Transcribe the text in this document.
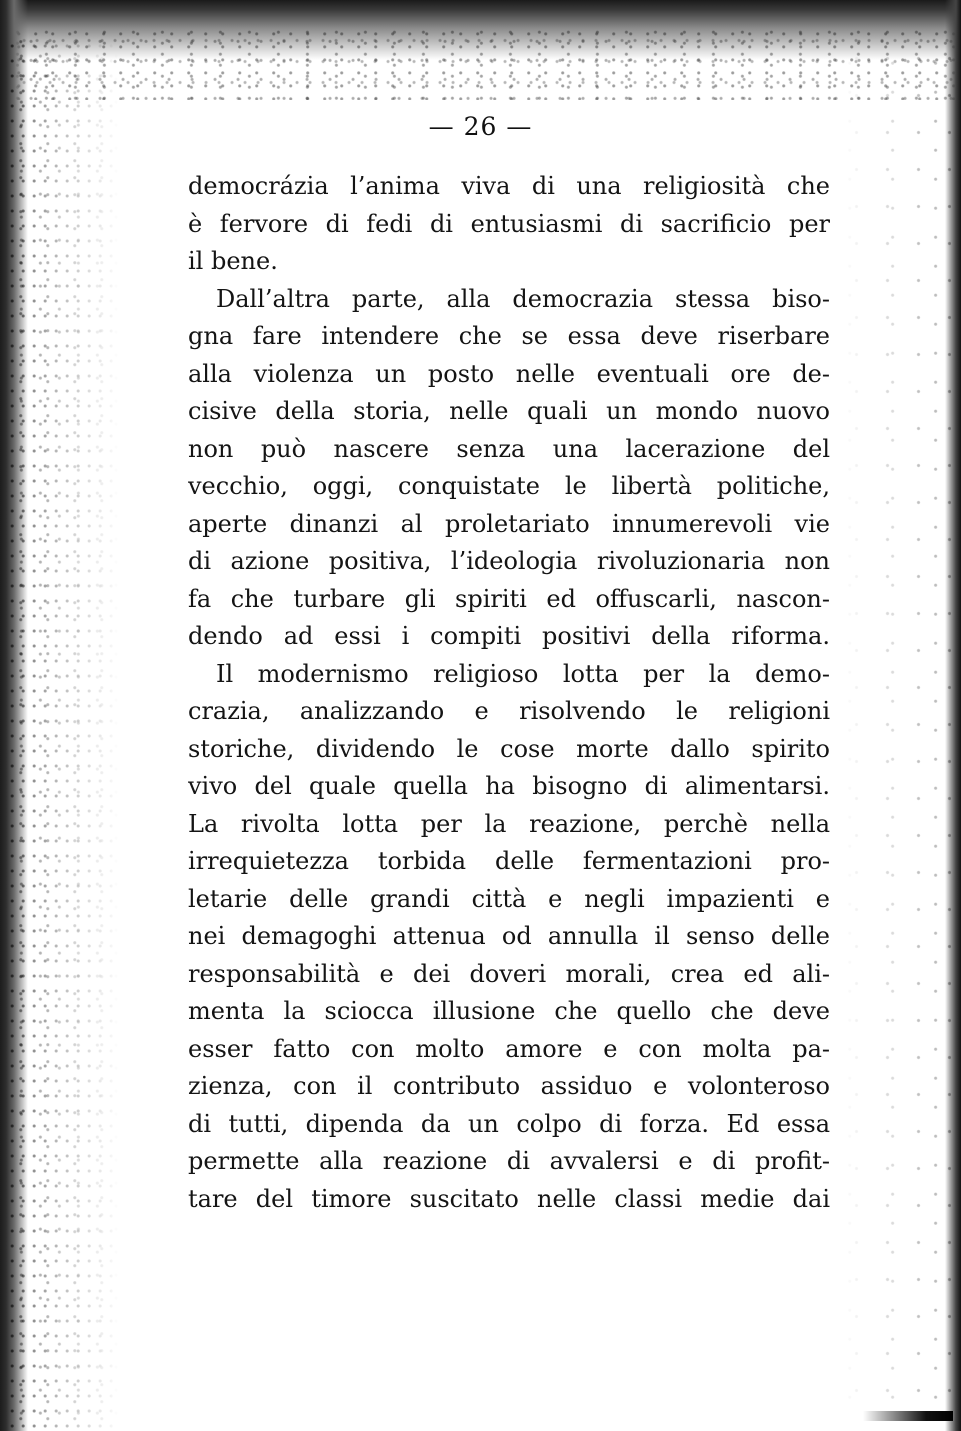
— 26 —
democrázia l’anima viva di una religiosità che
è fervore di fedi di entusiasmi di sacrificio per
il bene.
Dall’altra parte, alla democrazia stessa biso-
gna fare intendere che se essa deve riserbare
alla violenza un posto nelle eventuali ore de-
cisive della storia, nelle quali un mondo nuovo
non può nascere senza una lacerazione del
vecchio, oggi, conquistate le libertà politiche,
aperte dinanzi al proletariato innumerevoli vie
di azione positiva, l’ideologia rivoluzionaria non
fa che turbare gli spiriti ed offuscarli, nascon-
dendo ad essi i compiti positivi della riforma.
Il modernismo religioso lotta per la demo-
crazia, analizzando e risolvendo le religioni
storiche, dividendo le cose morte dallo spirito
vivo del quale quella ha bisogno di alimentarsi.
La rivolta lotta per la reazione, perchè nella
irrequietezza torbida delle fermentazioni pro-
letarie delle grandi città e negli impazienti e
nei demagoghi attenua od annulla il senso delle
responsabilità e dei doveri morali, crea ed ali-
menta la sciocca illusione che quello che deve
esser fatto con molto amore e con molta pa-
zienza, con il contributo assiduo e volonteroso
di tutti, dipenda da un colpo di forza. Ed essa
permette alla reazione di avvalersi e di profit-
tare del timore suscitato nelle classi medie dai
